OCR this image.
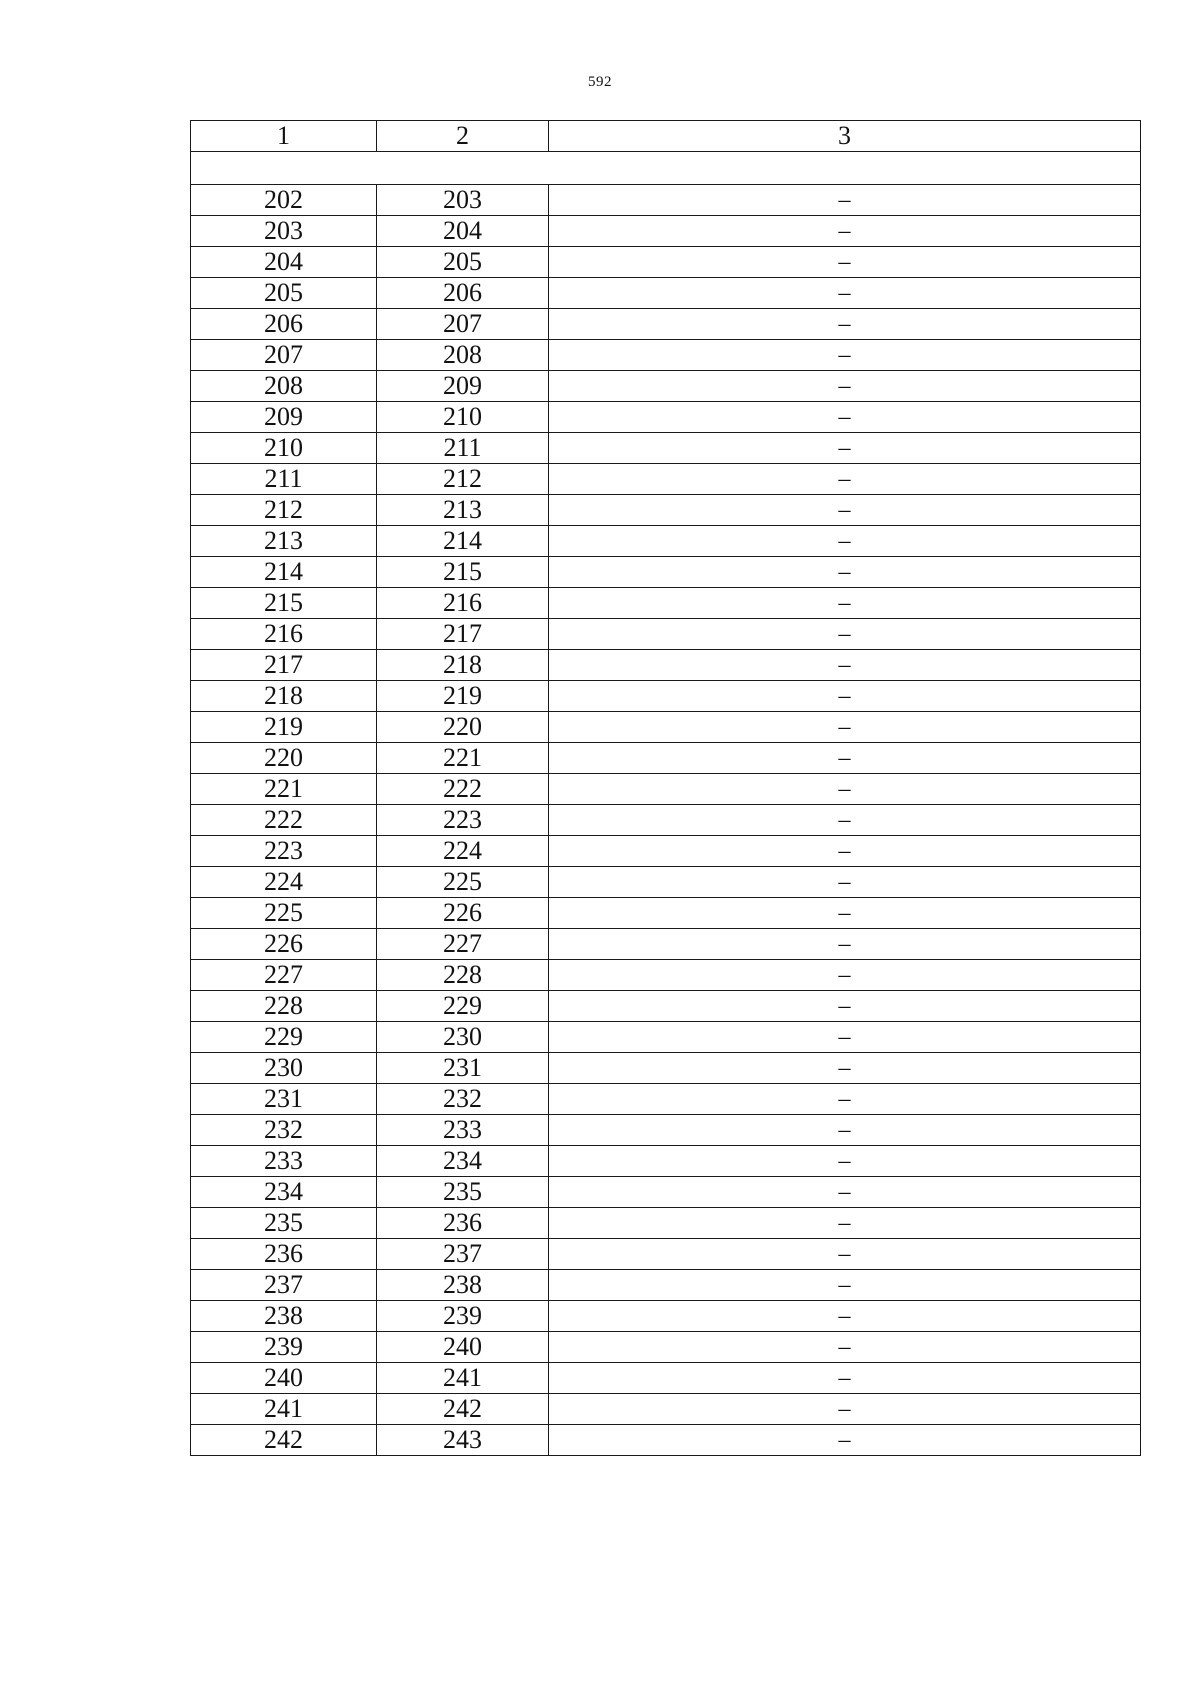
592
1	2	3

202	203	–
203	204	–
204	205	–
205	206	–
206	207	–
207	208	–
208	209	–
209	210	–
210	211	–
211	212	–
212	213	–
213	214	–
214	215	–
215	216	–
216	217	–
217	218	–
218	219	–
219	220	–
220	221	–
221	222	–
222	223	–
223	224	–
224	225	–
225	226	–
226	227	–
227	228	–
228	229	–
229	230	–
230	231	–
231	232	–
232	233	–
233	234	–
234	235	–
235	236	–
236	237	–
237	238	–
238	239	–
239	240	–
240	241	–
241	242	–
242	243	–
